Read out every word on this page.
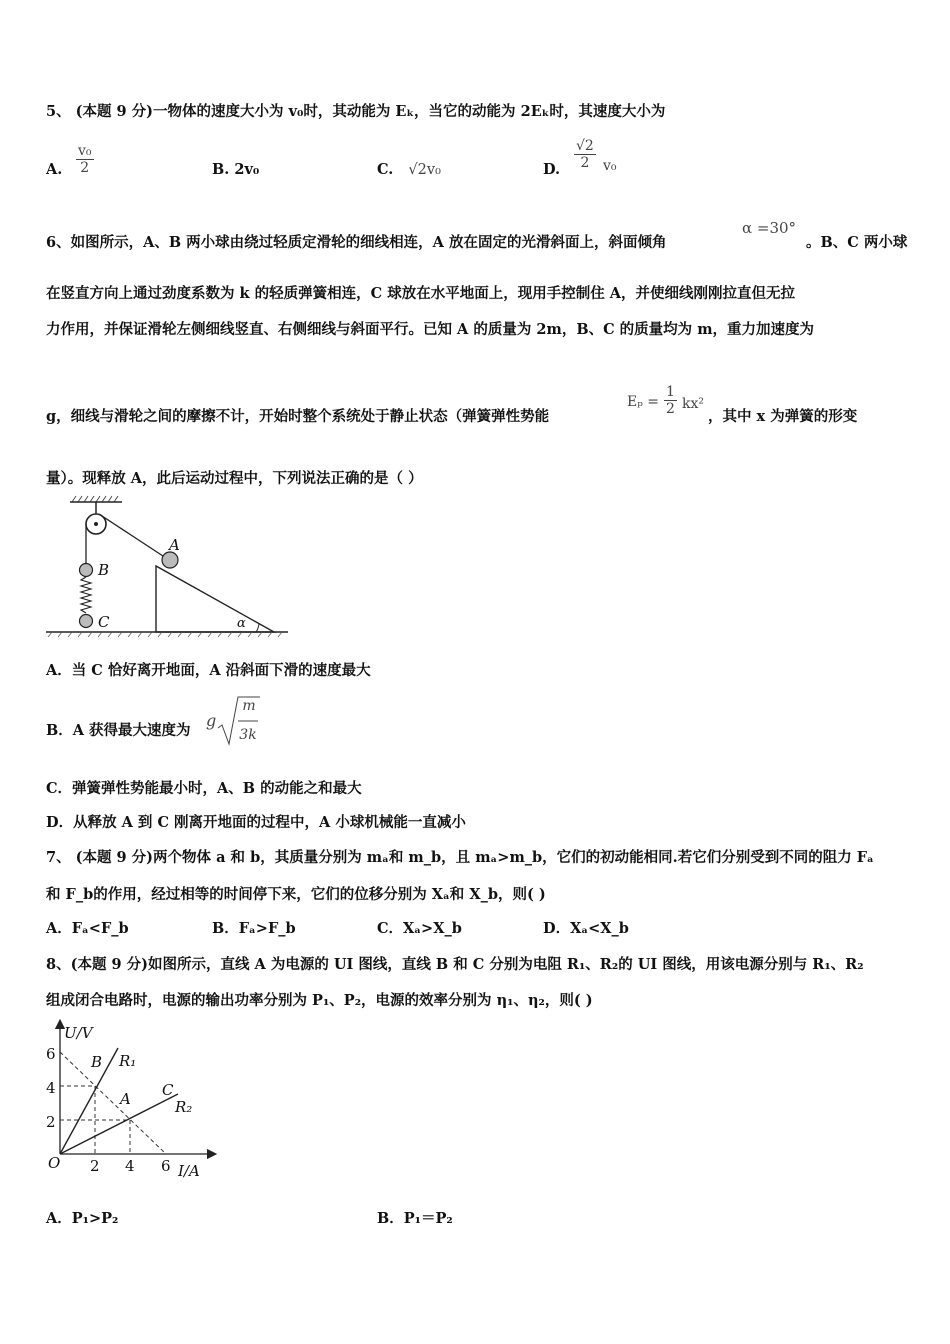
5、 (本题 9 分)一物体的速度大小为 v₀时，其动能为 Eₖ，当它的动能为 2Eₖ时，其速度大小为
A. $\frac{\text{v₀}}{2}$	B. 2v₀	C. √2v₀	D. $\frac{√2}{2} v_0$
6、如图所示，A、B 两小球由绕过轻质定滑轮的细线相连，A 放在固定的光滑斜面上，斜面倾角
α =30°
。B、C 两小球
在竖直方向上通过劲度系数为 k 的轻质弹簧相连，C 球放在水平地面上，现用手控制住 A，并使细线刚刚拉直但无拉
力作用，并保证滑轮左侧细线竖直、右侧细线与斜面平行。已知 A 的质量为 2m，B、C 的质量均为 m，重力加速度为
g，细线与滑轮之间的摩擦不计，开始时整个系统处于静止状态（弹簧弹性势能
$E_p = \frac{1}{2} kx^2$
，其中 x 为弹簧的形变
量）。现释放 A，此后运动过程中，下列说法正确的是（ ）
A
B
C	α
A．当 C 恰好离开地面，A 沿斜面下滑的速度最大
B．A 获得最大速度为
g
m
3k
C．弹簧弹性势能最小时，A、B 的动能之和最大
D．从释放 A 到 C 刚离开地面的过程中，A 小球机械能一直减小
7、 (本题 9 分)两个物体 a 和 b，其质量分别为 mₐ和 m_b，且 mₐ>m_b，它们的初动能相同.若它们分别受到不同的阻力 Fₐ
和 F_b的作用，经过相等的时间停下来，它们的位移分别为 Xₐ和 X_b，则( )
A．Fₐ<F_b	B．Fₐ>F_b	C．Xₐ>X_b	D．Xₐ<X_b
8、(本题 9 分)如图所示，直线 A 为电源的 UI 图线，直线 B 和 C 分别为电阻 R₁、R₂的 UI 图线，用该电源分别与 R₁、R₂
组成闭合电路时，电源的输出功率分别为 P₁、P₂，电源的效率分别为 η₁、η₂，则( )
U/V
I/A
O
6
4
2
2 4 6
B R₁
A C
R₂
A．P₁>P₂	B．P₁＝P₂
